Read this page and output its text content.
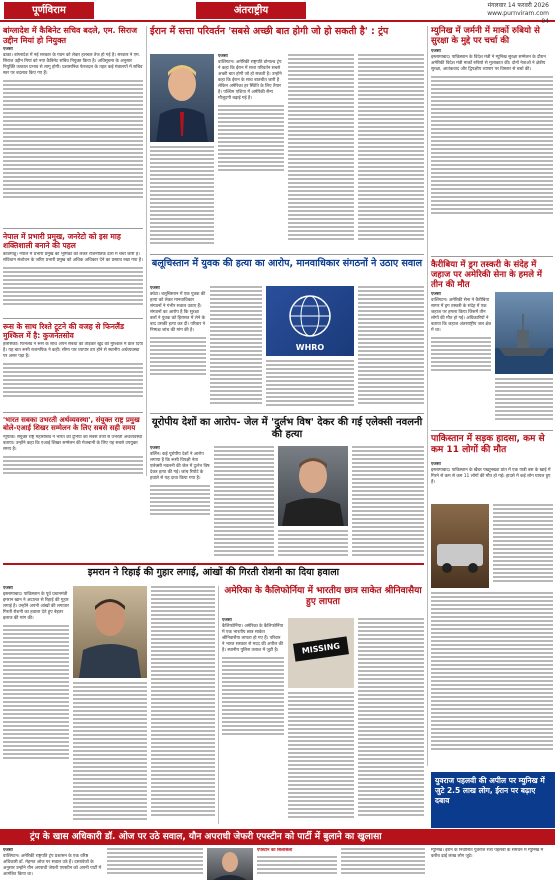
पूर्णविराम	अंतराष्ट्रीय	मंगलवार 14 फरवरी 2026
www.purnviram.com
04
बांग्लादेश में कैबिनेट सचिव बदले, एम. सिराज उद्दीन मियां हो नियुक्त
एजेंसी
ढाका। बांग्लादेश में नई सरकार के गठन को लेकर हलचल तेज हो गई है। सरकार ने एम. सिराज उद्दीन मियां को नया कैबिनेट सचिव नियुक्त किया है। अधिसूचना के अनुसार नियुक्ति तत्काल प्रभाव से लागू होगी। प्रशासनिक फेरबदल के तहत कई मंत्रालयों में सचिव स्तर पर बदलाव किए गए हैं।
नेपाल में प्रभारी प्रमुख, जनरेटो को इस माह शक्तिशाली बनाने की पहल
काठमांडू। नेपाल में प्रभारी प्रमुख की भूमिका को लेकर राजनीतिक दलों में चर्चा जारी है। संविधान संशोधन के जरिए प्रभारी प्रमुख को अधिक अधिकार देने का प्रस्ताव रखा गया है।
रूस के साथ रिश्ते टूटने की वजह से फिनलैंड मुश्किल में है: कुजनेतसोव
हेलसिंकी। फिनलैंड ने रूस के साथ अपने संबंधों को तोड़कर खुद को मुश्किल में डाल दिया है। यह बात रूसी राजनयिक ने कही। सीमा पार व्यापार ठप होने से स्थानीय अर्थव्यवस्था पर असर पड़ा है।
'भारत सबका उभरती अर्थव्यवस्था', संयुक्त राष्ट्र प्रमुख बोले-एआई शिखर सम्मेलन के लिए सबसे सही समय
न्यूयॉर्क। संयुक्त राष्ट्र महासचिव ने भारत को दुनिया की सबसे तेजी से उभरती अर्थव्यवस्था बताया। उन्होंने कहा कि एआई शिखर सम्मेलन की मेजबानी के लिए यह सबसे उपयुक्त समय है।
ईरान में सत्ता परिवर्तन 'सबसे अच्छी बात होगी जो हो सकती है' : ट्रंप
एजेंसी
वाशिंगटन। अमेरिकी राष्ट्रपति डोनाल्ड ट्रंप ने कहा कि ईरान में सत्ता परिवर्तन सबसे अच्छी बात होगी जो हो सकती है। उन्होंने कहा कि ईरान के साथ बातचीत जारी है लेकिन अमेरिका हर स्थिति के लिए तैयार है। पश्चिम एशिया में अमेरिकी सैन्य मौजूदगी बढ़ाई गई है।
बलूचिस्तान में युवक की हत्या का आरोप, मानवाधिकार संगठनों ने उठाए सवाल
एजेंसी
क्वेटा। बलूचिस्तान में एक युवक की हत्या को लेकर मानवाधिकार संगठनों ने गंभीर सवाल उठाए हैं। संगठनों का आरोप है कि सुरक्षा बलों ने युवक को हिरासत में लेने के बाद उसकी हत्या कर दी। परिवार ने निष्पक्ष जांच की मांग की है।
WHRO
यूरोपीय देशों का आरोप- जेल में 'दुर्लभ विष' देकर की गई एलेक्सी नवलनी की हत्या
एजेंसी
बर्लिन। कई यूरोपीय देशों ने आरोप लगाया है कि रूसी विपक्षी नेता एलेक्सी नवलनी की जेल में दुर्लभ विष देकर हत्या की गई। जांच रिपोर्ट के हवाले से यह दावा किया गया है।
म्युनिख में जर्मनी में मार्को रुबियो से सुरक्षा के मुद्दे पर चर्चा की
एजेंसी
इस्लामाबाद। पाकिस्तान के विदेश मंत्री ने म्युनिख सुरक्षा सम्मेलन के दौरान अमेरिकी विदेश मंत्री मार्को रुबियो से मुलाकात की। दोनों नेताओं ने क्षेत्रीय सुरक्षा, आतंकवाद और द्विपक्षीय व्यापार पर विस्तार से चर्चा की।
कैरीबिया में ड्रग तस्करी के संदेह में जहाज पर अमेरिकी सेना के हमले में तीन की मौत
एजेंसी
वाशिंगटन। अमेरिकी सेना ने कैरीबिया सागर में ड्रग तस्करी के संदेह में एक जहाज पर हमला किया जिसमें तीन लोगों की मौत हो गई। अधिकारियों ने बताया कि जहाज अंतरराष्ट्रीय जल क्षेत्र में था।
पाकिस्तान में सड़क हादसा, कम से कम 11 लोगों की मौत
एजेंसी
इस्लामाबाद। पाकिस्तान के खैबर पख्तूनख्वा प्रांत में एक यात्री बस के खाई में गिरने से कम से कम 11 लोगों की मौत हो गई। हादसे में कई लोग घायल हुए हैं।
युवराज पहलवी की अपील पर म्युनिख में जुटे 2.5 लाख लोग, ईरान पर बढ़ाए दबाव
इमरान ने रिहाई की गुहार लगाई, आंखों की गिरती रोशनी का दिया हवाला
एजेंसी
इस्लामाबाद। पाकिस्तान के पूर्व प्रधानमंत्री इमरान खान ने अदालत से रिहाई की गुहार लगाई है। उन्होंने अपनी आंखों की लगातार गिरती रोशनी का हवाला देते हुए बेहतर इलाज की मांग की।
अमेरिका के कैलिफोर्निया में भारतीय छात्र साकेत श्रीनिवासैया हुए लापता
एजेंसी
कैलिफोर्निया। अमेरिका के कैलिफोर्निया में एक भारतीय छात्र साकेत श्रीनिवासैया लापता हो गए हैं। परिवार ने भारत सरकार से मदद की अपील की है। स्थानीय पुलिस तलाश में जुटी है।	MISSING
ट्रंप के खास अधिकारी डॉ. ओज पर उठे सवाल, यौन अपराधी जेफरी एपस्टीन को पार्टी में बुलाने का खुलासा
एजेंसी
वाशिंगटन। अमेरिकी राष्ट्रपति ट्रंप प्रशासन के एक वरिष्ठ अधिकारी डॉ. मेहमत ओज पर सवाल उठे हैं। दस्तावेजों के अनुसार उन्होंने यौन अपराधी जेफरी एपस्टीन को अपनी पार्टी में आमंत्रित किया था।
एपस्टीन का सिलसिला	म्युनिख। ईरान के निर्वासित युवराज रजा पहलवी के समर्थन में म्युनिख में करीब ढाई लाख लोग जुटे।
